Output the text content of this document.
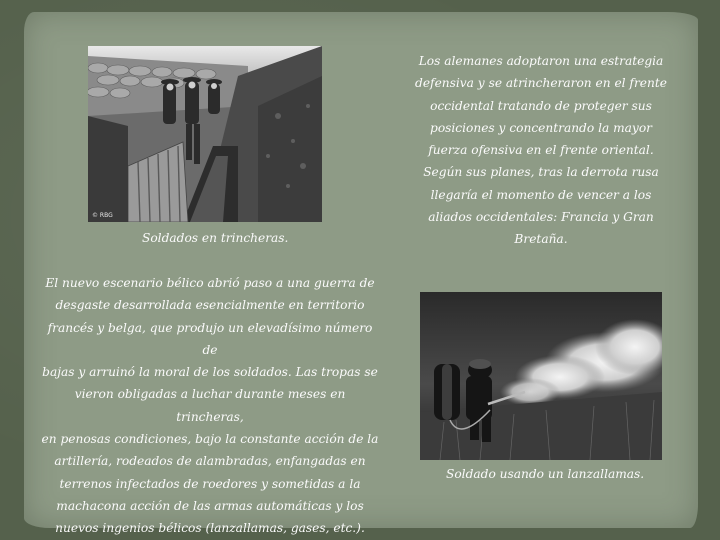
© RBG

Soldados en trincheras.

Los alemanes adoptaron una estrategia
defensiva y se atrincheraron en el frente
occidental tratando de proteger sus
posiciones y concentrando la mayor
fuerza ofensiva en el frente oriental.
Según sus planes, tras la derrota rusa
llegaría el momento de vencer a los
aliados occidentales: Francia y Gran
Bretaña.

El nuevo escenario bélico abrió paso a una guerra de
desgaste desarrollada esencialmente en territorio
francés y belga, que produjo un elevadísimo número de
bajas y arruinó la moral de los soldados. Las tropas se
vieron obligadas a luchar durante meses en trincheras,
en penosas condiciones, bajo la constante acción de la
artillería, rodeados de alambradas, enfangadas en
terrenos infectados de roedores y sometidas a la
machacona acción de las armas automáticas y los
nuevos ingenios bélicos (lanzallamas, gases, etc.).

Soldado usando un lanzallamas.
